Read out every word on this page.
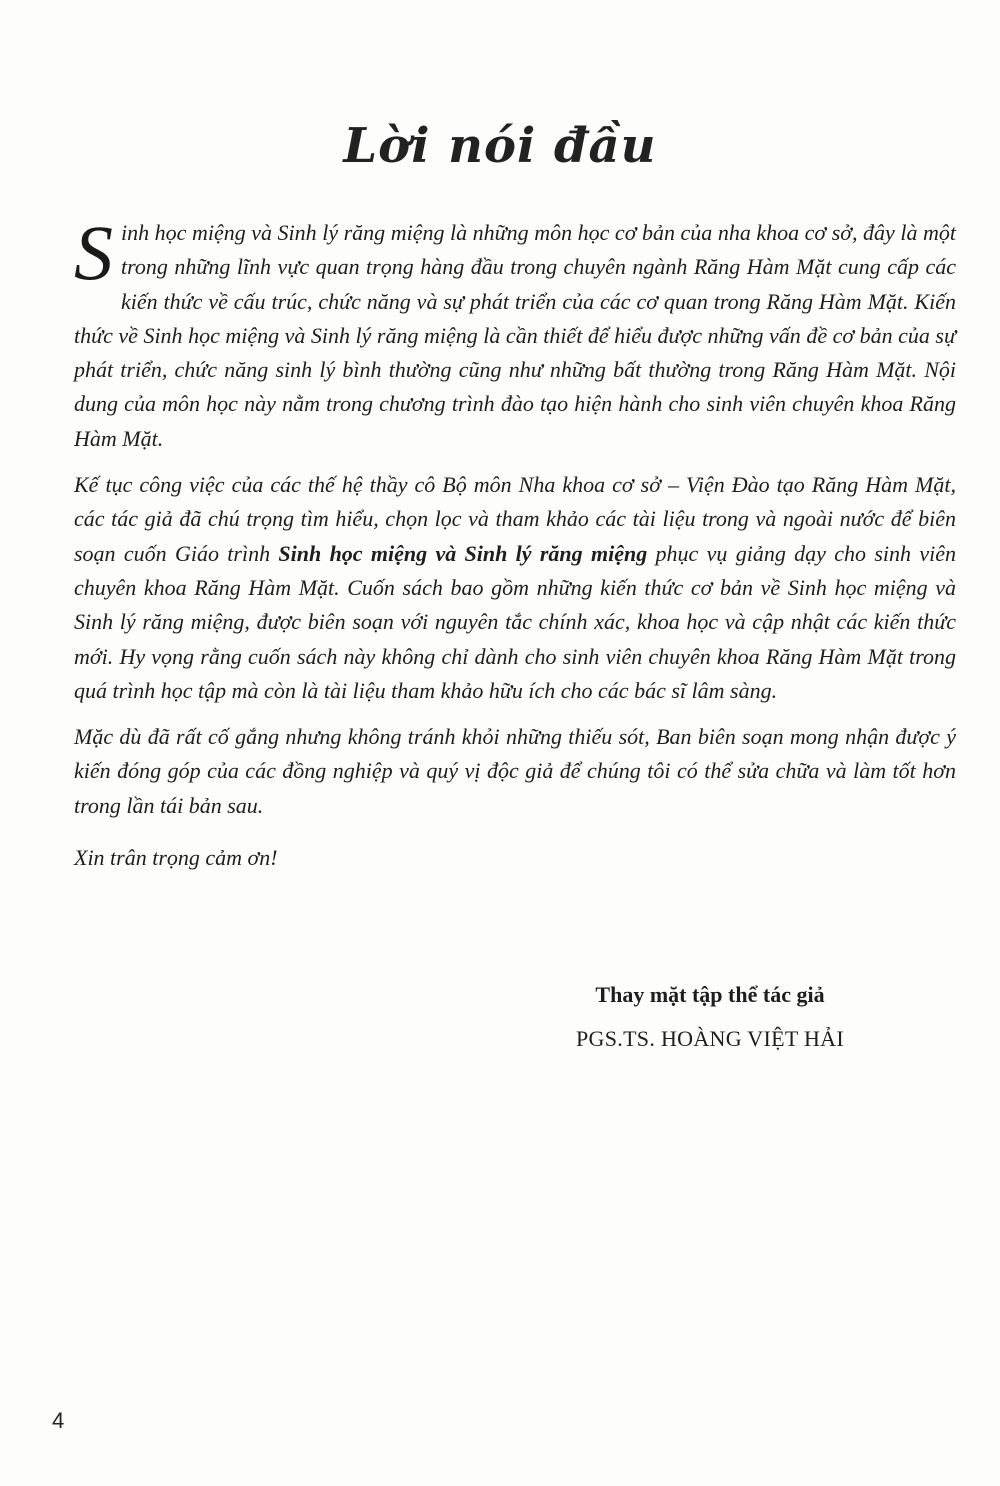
Lời nói đầu

Sinh học miệng và Sinh lý răng miệng là những môn học cơ bản của nha khoa cơ sở, đây là một trong những lĩnh vực quan trọng hàng đầu trong chuyên ngành Răng Hàm Mặt cung cấp các kiến thức về cấu trúc, chức năng và sự phát triển của các cơ quan trong Răng Hàm Mặt. Kiến thức về Sinh học miệng và Sinh lý răng miệng là cần thiết để hiểu được những vấn đề cơ bản của sự phát triển, chức năng sinh lý bình thường cũng như những bất thường trong Răng Hàm Mặt. Nội dung của môn học này nằm trong chương trình đào tạo hiện hành cho sinh viên chuyên khoa Răng Hàm Mặt.

Kế tục công việc của các thế hệ thầy cô Bộ môn Nha khoa cơ sở – Viện Đào tạo Răng Hàm Mặt, các tác giả đã chú trọng tìm hiểu, chọn lọc và tham khảo các tài liệu trong và ngoài nước để biên soạn cuốn Giáo trình Sinh học miệng và Sinh lý răng miệng phục vụ giảng dạy cho sinh viên chuyên khoa Răng Hàm Mặt. Cuốn sách bao gồm những kiến thức cơ bản về Sinh học miệng và Sinh lý răng miệng, được biên soạn với nguyên tắc chính xác, khoa học và cập nhật các kiến thức mới. Hy vọng rằng cuốn sách này không chỉ dành cho sinh viên chuyên khoa Răng Hàm Mặt trong quá trình học tập mà còn là tài liệu tham khảo hữu ích cho các bác sĩ lâm sàng.

Mặc dù đã rất cố gắng nhưng không tránh khỏi những thiếu sót, Ban biên soạn mong nhận được ý kiến đóng góp của các đồng nghiệp và quý vị độc giả để chúng tôi có thể sửa chữa và làm tốt hơn trong lần tái bản sau.

Xin trân trọng cảm ơn!

Thay mặt tập thể tác giả
PGS.TS. HOÀNG VIỆT HẢI
4
